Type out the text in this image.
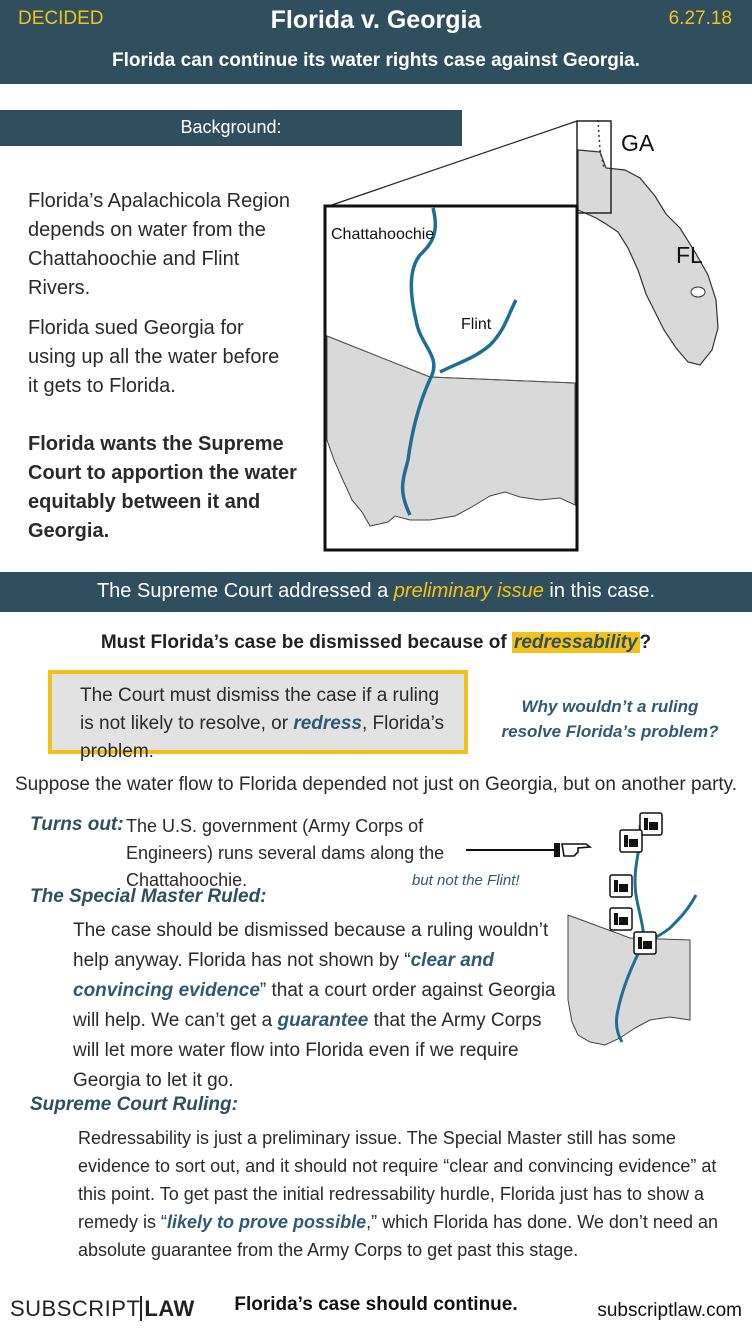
DECIDED	Florida v. Georgia	6.27.18
Florida can continue its water rights case against Georgia.
Background:
Florida’s Apalachicola Region depends on water from the Chattahoochie and Flint Rivers.
Florida sued Georgia for using up all the water before it gets to Florida.
Florida wants the Supreme Court to apportion the water equitably between it and Georgia.
GA
FL
Chattahoochie
Flint
The Supreme Court addressed a preliminary issue in this case.
Must Florida’s case be dismissed because of redressability ?
The Court must dismiss the case if a ruling is not likely to resolve, or redress, Florida’s problem.
Why wouldn’t a ruling resolve Florida’s problem?
Suppose the water flow to Florida depended not just on Georgia, but on another party.
Turns out: The U.S. government (Army Corps of Engineers) runs several dams along the Chattahoochie.	but not the Flint!
The Special Master Ruled:
The case should be dismissed because a ruling wouldn’t help anyway. Florida has not shown by “clear and convincing evidence” that a court order against Georgia will help. We can’t get a guarantee that the Army Corps will let more water flow into Florida even if we require Georgia to let it go.
Supreme Court Ruling:
Redressability is just a preliminary issue. The Special Master still has some evidence to sort out, and it should not require “clear and convincing evidence” at this point. To get past the initial redressability hurdle, Florida just has to show a remedy is “likely to prove possible,” which Florida has done. We don’t need an absolute guarantee from the Army Corps to get past this stage.
SUBSCRIPT LAW	Florida’s case should continue.	subscriptlaw.com
